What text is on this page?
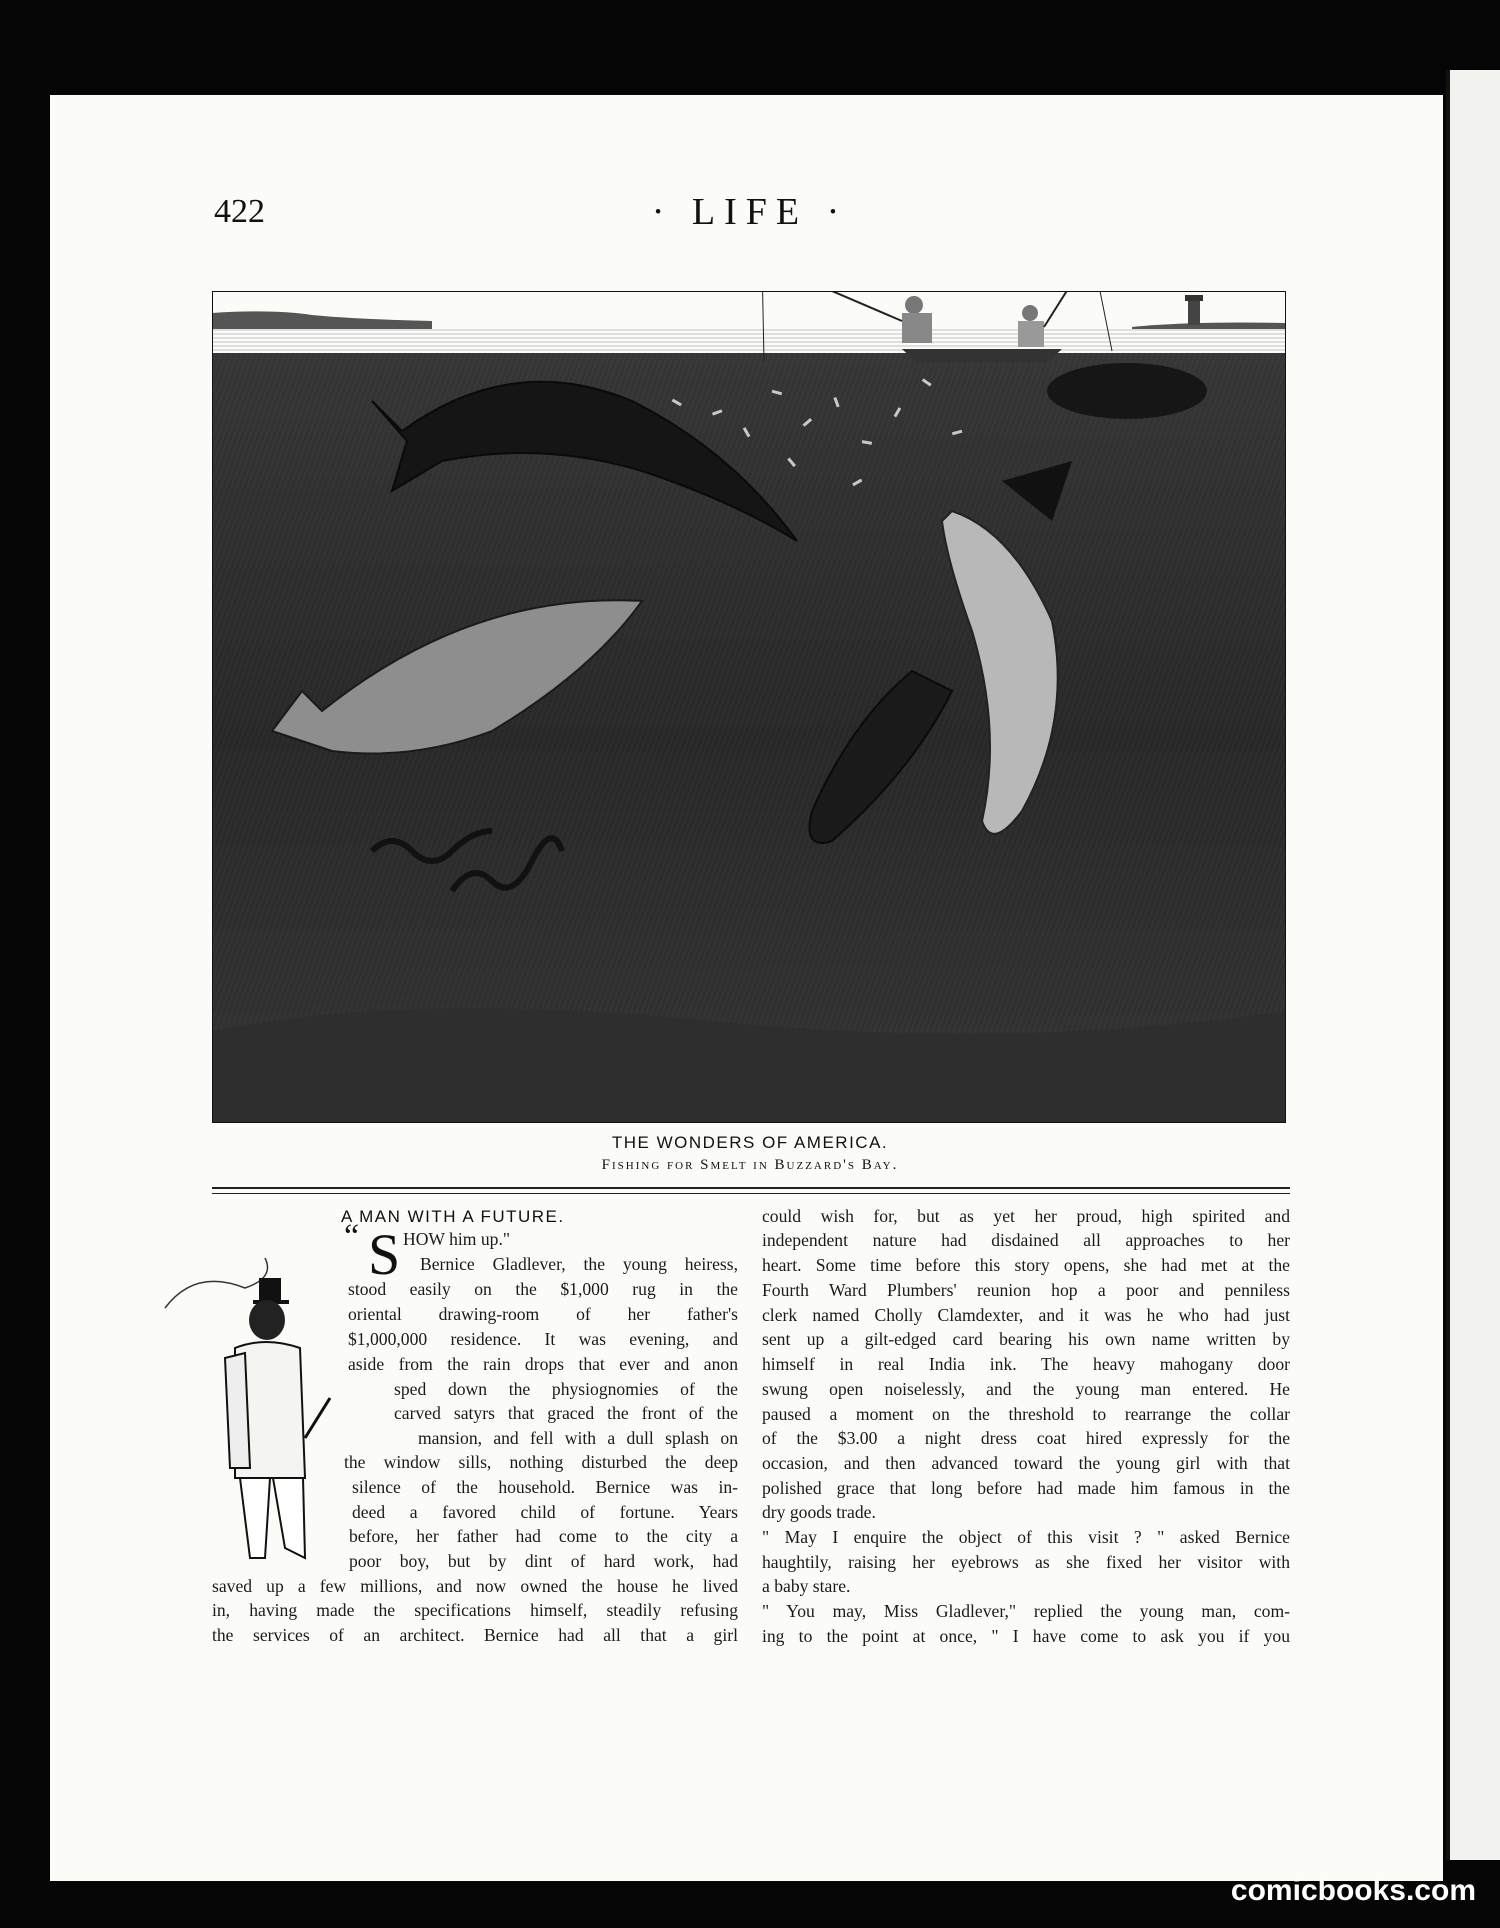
422	· LIFE ·
THE WONDERS OF AMERICA.
Fishing for Smelt in Buzzard's Bay.
A MAN WITH A FUTURE.
“ S HOW him up."
Bernice Gladlever, the young heiress,
stood easily on the $1,000 rug in the
oriental drawing-room of her father's
$1,000,000 residence. It was evening, and
aside from the rain drops that ever and anon
sped down the physiognomies of the
carved satyrs that graced the front of the
mansion, and fell with a dull splash on
the window sills, nothing disturbed the deep
silence of the household. Bernice was in-
deed a favored child of fortune. Years
before, her father had come to the city a
poor boy, but by dint of hard work, had
saved up a few millions, and now owned the house he lived
in, having made the specifications himself, steadily refusing
the services of an architect. Bernice had all that a girl
could wish for, but as yet her proud, high spirited and
independent nature had disdained all approaches to her
heart. Some time before this story opens, she had met at the
Fourth Ward Plumbers' reunion hop a poor and penniless
clerk named Cholly Clamdexter, and it was he who had just
sent up a gilt-edged card bearing his own name written by
himself in real India ink. The heavy mahogany door
swung open noiselessly, and the young man entered. He
paused a moment on the threshold to rearrange the collar
of the $3.00 a night dress coat hired expressly for the
occasion, and then advanced toward the young girl with that
polished grace that long before had made him famous in the
dry goods trade.
" May I enquire the object of this visit ? " asked Bernice
haughtily, raising her eyebrows as she fixed her visitor with
a baby stare.
" You may, Miss Gladlever," replied the young man, com-
ing to the point at once, " I have come to ask you if you
comicbooks.com
